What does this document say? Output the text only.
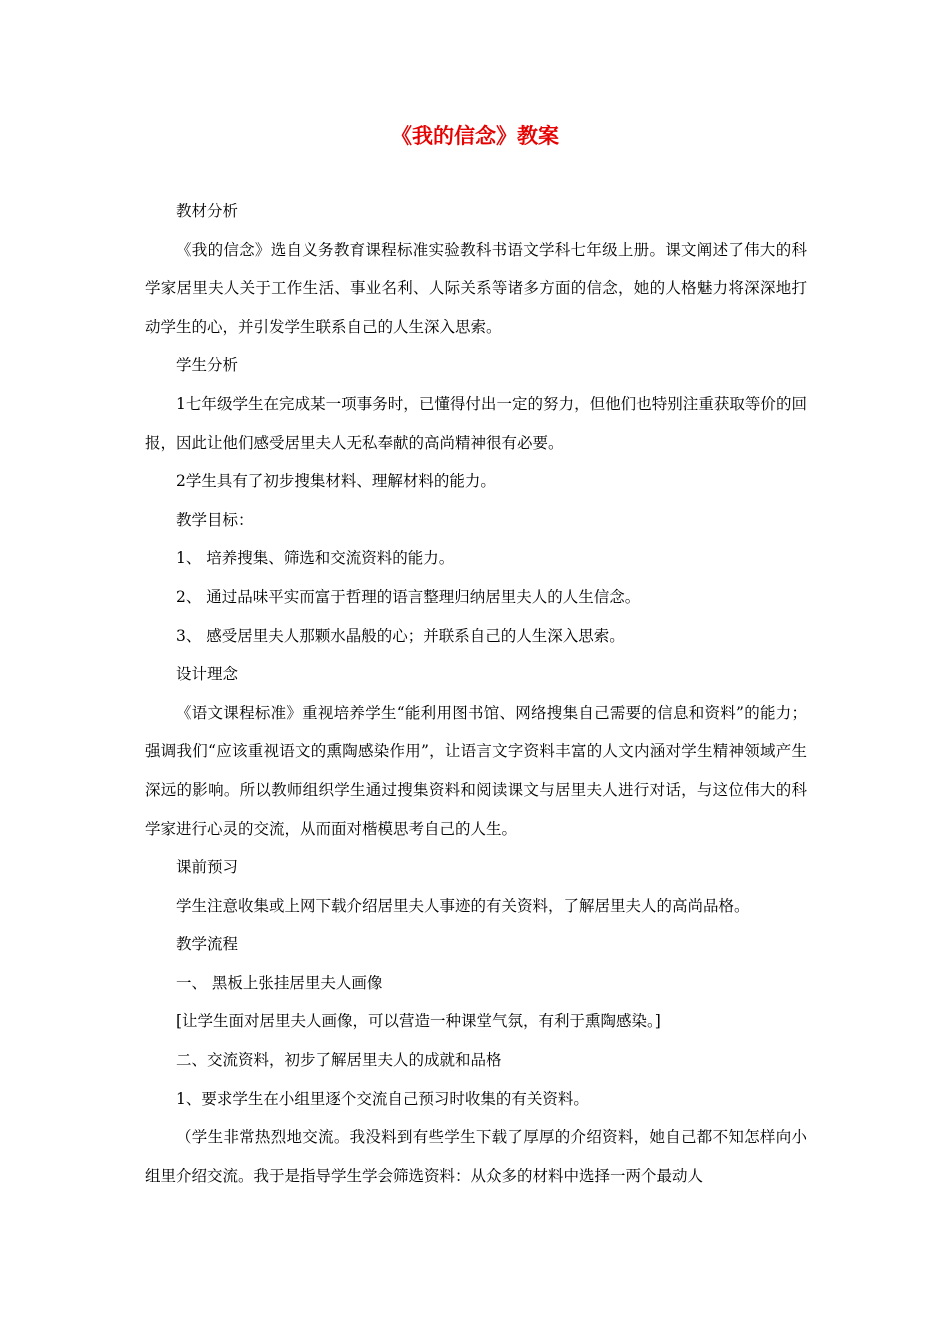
《我的信念》教案

教材分析

《我的信念》选自义务教育课程标准实验教科书语文学科七年级上册。课文阐述了伟大的科学家居里夫人关于工作生活、事业名利、人际关系等诸多方面的信念，她的人格魅力将深深地打动学生的心，并引发学生联系自己的人生深入思索。

学生分析

1七年级学生在完成某一项事务时，已懂得付出一定的努力，但他们也特别注重获取等价的回报，因此让他们感受居里夫人无私奉献的高尚精神很有必要。

2学生具有了初步搜集材料、理解材料的能力。

教学目标：

1、 培养搜集、筛选和交流资料的能力。

2、 通过品味平实而富于哲理的语言整理归纳居里夫人的人生信念。

3、 感受居里夫人那颗水晶般的心；并联系自己的人生深入思索。

设计理念

《语文课程标准》重视培养学生“能利用图书馆、网络搜集自己需要的信息和资料”的能力；强调我们“应该重视语文的熏陶感染作用”，让语言文字资料丰富的人文内涵对学生精神领域产生深远的影响。所以教师组织学生通过搜集资料和阅读课文与居里夫人进行对话，与这位伟大的科学家进行心灵的交流，从而面对楷模思考自己的人生。

课前预习

学生注意收集或上网下载介绍居里夫人事迹的有关资料，了解居里夫人的高尚品格。

教学流程

一、 黑板上张挂居里夫人画像

[让学生面对居里夫人画像，可以营造一种课堂气氛，有利于熏陶感染。]

二、交流资料，初步了解居里夫人的成就和品格

1、要求学生在小组里逐个交流自己预习时收集的有关资料。

（学生非常热烈地交流。我没料到有些学生下载了厚厚的介绍资料，她自己都不知怎样向小组里介绍交流。我于是指导学生学会筛选资料：从众多的材料中选择一两个最动人
